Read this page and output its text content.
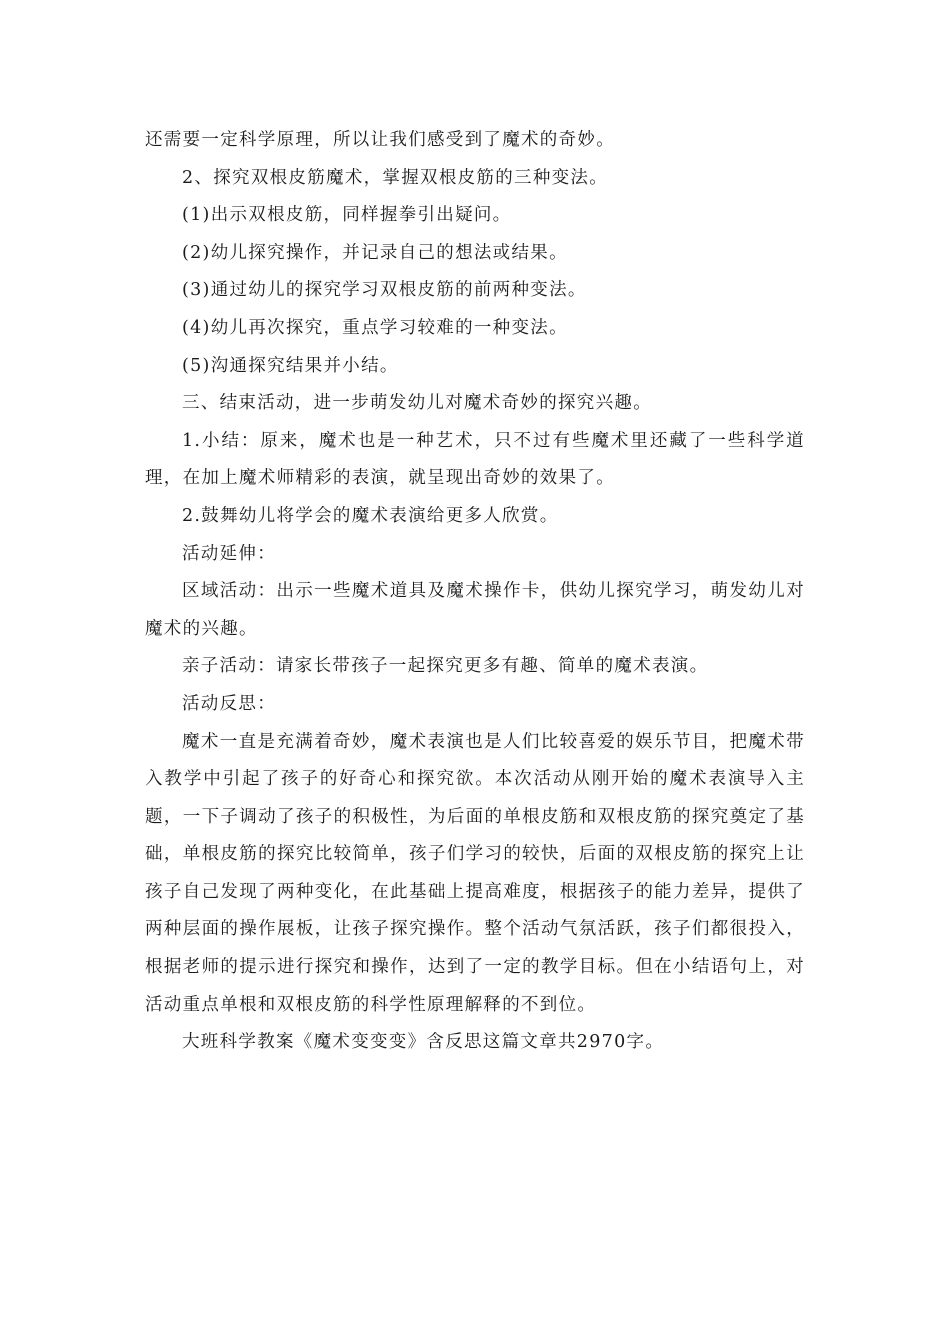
还需要一定科学原理，所以让我们感受到了魔术的奇妙。

2、探究双根皮筋魔术，掌握双根皮筋的三种变法。

(1)出示双根皮筋，同样握拳引出疑问。

(2)幼儿探究操作，并记录自己的想法或结果。

(3)通过幼儿的探究学习双根皮筋的前两种变法。

(4)幼儿再次探究，重点学习较难的一种变法。

(5)沟通探究结果并小结。

三、结束活动，进一步萌发幼儿对魔术奇妙的探究兴趣。

1.小结：原来，魔术也是一种艺术，只不过有些魔术里还藏了一些科学道理，在加上魔术师精彩的表演，就呈现出奇妙的效果了。

2.鼓舞幼儿将学会的魔术表演给更多人欣赏。

活动延伸：

区域活动：出示一些魔术道具及魔术操作卡，供幼儿探究学习，萌发幼儿对魔术的兴趣。

亲子活动：请家长带孩子一起探究更多有趣、简单的魔术表演。

活动反思：

魔术一直是充满着奇妙，魔术表演也是人们比较喜爱的娱乐节目，把魔术带入教学中引起了孩子的好奇心和探究欲。本次活动从刚开始的魔术表演导入主题，一下子调动了孩子的积极性，为后面的单根皮筋和双根皮筋的探究奠定了基础，单根皮筋的探究比较简单，孩子们学习的较快，后面的双根皮筋的探究上让孩子自己发现了两种变化，在此基础上提高难度，根据孩子的能力差异，提供了两种层面的操作展板，让孩子探究操作。整个活动气氛活跃，孩子们都很投入，根据老师的提示进行探究和操作，达到了一定的教学目标。但在小结语句上，对活动重点单根和双根皮筋的科学性原理解释的不到位。

大班科学教案《魔术变变变》含反思这篇文章共2970字。
